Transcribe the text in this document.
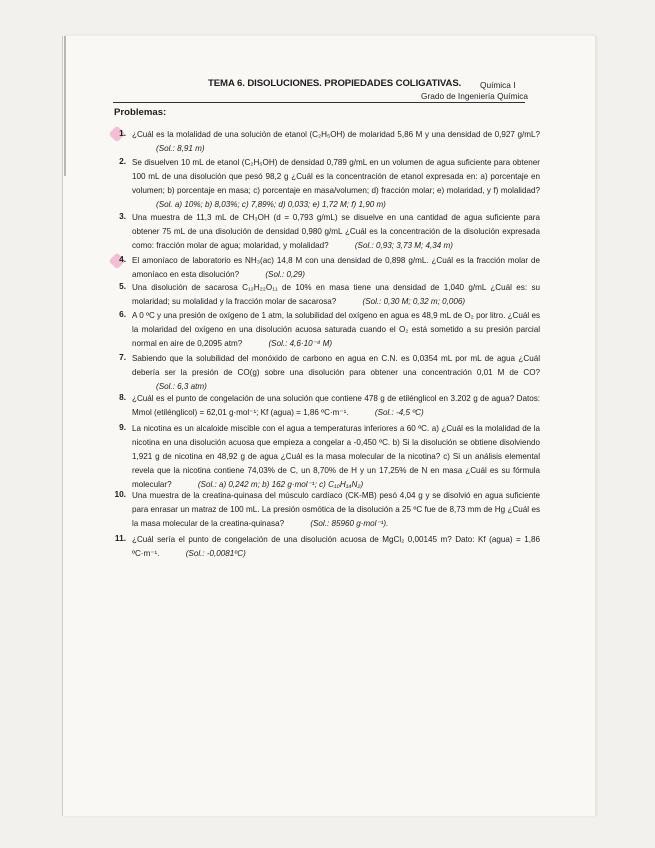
TEMA 6. DISOLUCIONES. PROPIEDADES COLIGATIVAS. Química I
Grado de Ingeniería Química
Problemas:
1. ¿Cuál es la molalidad de una solución de etanol (C₂H₅OH) de molaridad 5,86 M y una densidad de 0,927 g/mL? (Sol.: 8,91 m)
2. Se disuelven 10 mL de etanol (C₂H₅OH) de densidad 0,789 g/mL en un volumen de agua suficiente para obtener 100 mL de una disolución que pesó 98,2 g ¿Cuál es la concentración de etanol expresada en: a) porcentaje en volumen; b) porcentaje en masa; c) porcentaje en masa/volumen; d) fracción molar; e) molaridad, y f) molalidad? (Sol. a) 10%; b) 8,03%; c) 7,89%; d) 0,033; e) 1,72 M; f) 1,90 m)
3. Una muestra de 11,3 mL de CH₃OH (d = 0,793 g/mL) se disuelve en una cantidad de agua suficiente para obtener 75 mL de una disolución de densidad 0,980 g/mL ¿Cuál es la concentración de la disolución expresada como: fracción molar de agua; molaridad, y molalidad?	(Sol.: 0,93; 3,73 M; 4,34 m)
4. El amoníaco de laboratorio es NH₃(ac) 14,8 M con una densidad de 0,898 g/mL. ¿Cuál es la fracción molar de amoníaco en esta disolución?	(Sol.: 0,29)
5. Una disolución de sacarosa C₁₂H₂₂O₁₁ de 10% en masa tiene una densidad de 1,040 g/mL ¿Cuál es: su molaridad; su molalidad y la fracción molar de sacarosa?	(Sol.: 0,30 M; 0,32 m; 0,006)
6. A 0 ºC y una presión de oxígeno de 1 atm, la solubilidad del oxígeno en agua es 48,9 mL de O₂ por litro. ¿Cuál es la molaridad del oxígeno en una disolución acuosa saturada cuando el O₂ está sometido a su presión parcial normal en aire de 0,2095 atm?	(Sol.: 4,6·10⁻⁴ M)
7. Sabiendo que la solubilidad del monóxido de carbono en agua en C.N. es 0,0354 mL por mL de agua ¿Cuál debería ser la presión de CO(g) sobre una disolución para obtener una concentración 0,01 M de CO? (Sol.: 6,3 atm)
8. ¿Cuál es el punto de congelación de una solución que contiene 478 g de etilénglicol en 3.202 g de agua? Datos: Mmol (etilénglicol) = 62,01 g·mol⁻¹; Kf (agua) = 1,86 ºC·m⁻¹.	(Sol.: -4,5 ºC)
9. La nicotina es un alcaloide miscible con el agua a temperaturas inferiores a 60 ºC. a) ¿Cuál es la molalidad de la nicotina en una disolución acuosa que empieza a congelar a -0,450 ºC. b) Si la disolución se obtiene disolviendo 1,921 g de nicotina en 48,92 g de agua ¿Cuál es la masa molecular de la nicotina? c) Si un análisis elemental revela que la nicotina contiene 74,03% de C, un 8,70% de H y un 17,25% de N en masa ¿Cuál es su fórmula molecular?	(Sol.: a) 0,242 m; b) 162 g·mol⁻¹; c) C₁₀H₁₄N₂)
10. Una muestra de la creatina-quinasa del músculo cardíaco (CK-MB) pesó 4,04 g y se disolvió en agua suficiente para enrasar un matraz de 100 mL. La presión osmótica de la disolución a 25 ºC fue de 8,73 mm de Hg ¿Cuál es la masa molecular de la creatina-quinasa?	(Sol.: 85960 g·mol⁻¹).
11. ¿Cuál sería el punto de congelación de una disolución acuosa de MgCl₂ 0,00145 m? Dato: Kf (agua) = 1,86 ºC·m⁻¹.	(Sol.: -0,0081ºC)
